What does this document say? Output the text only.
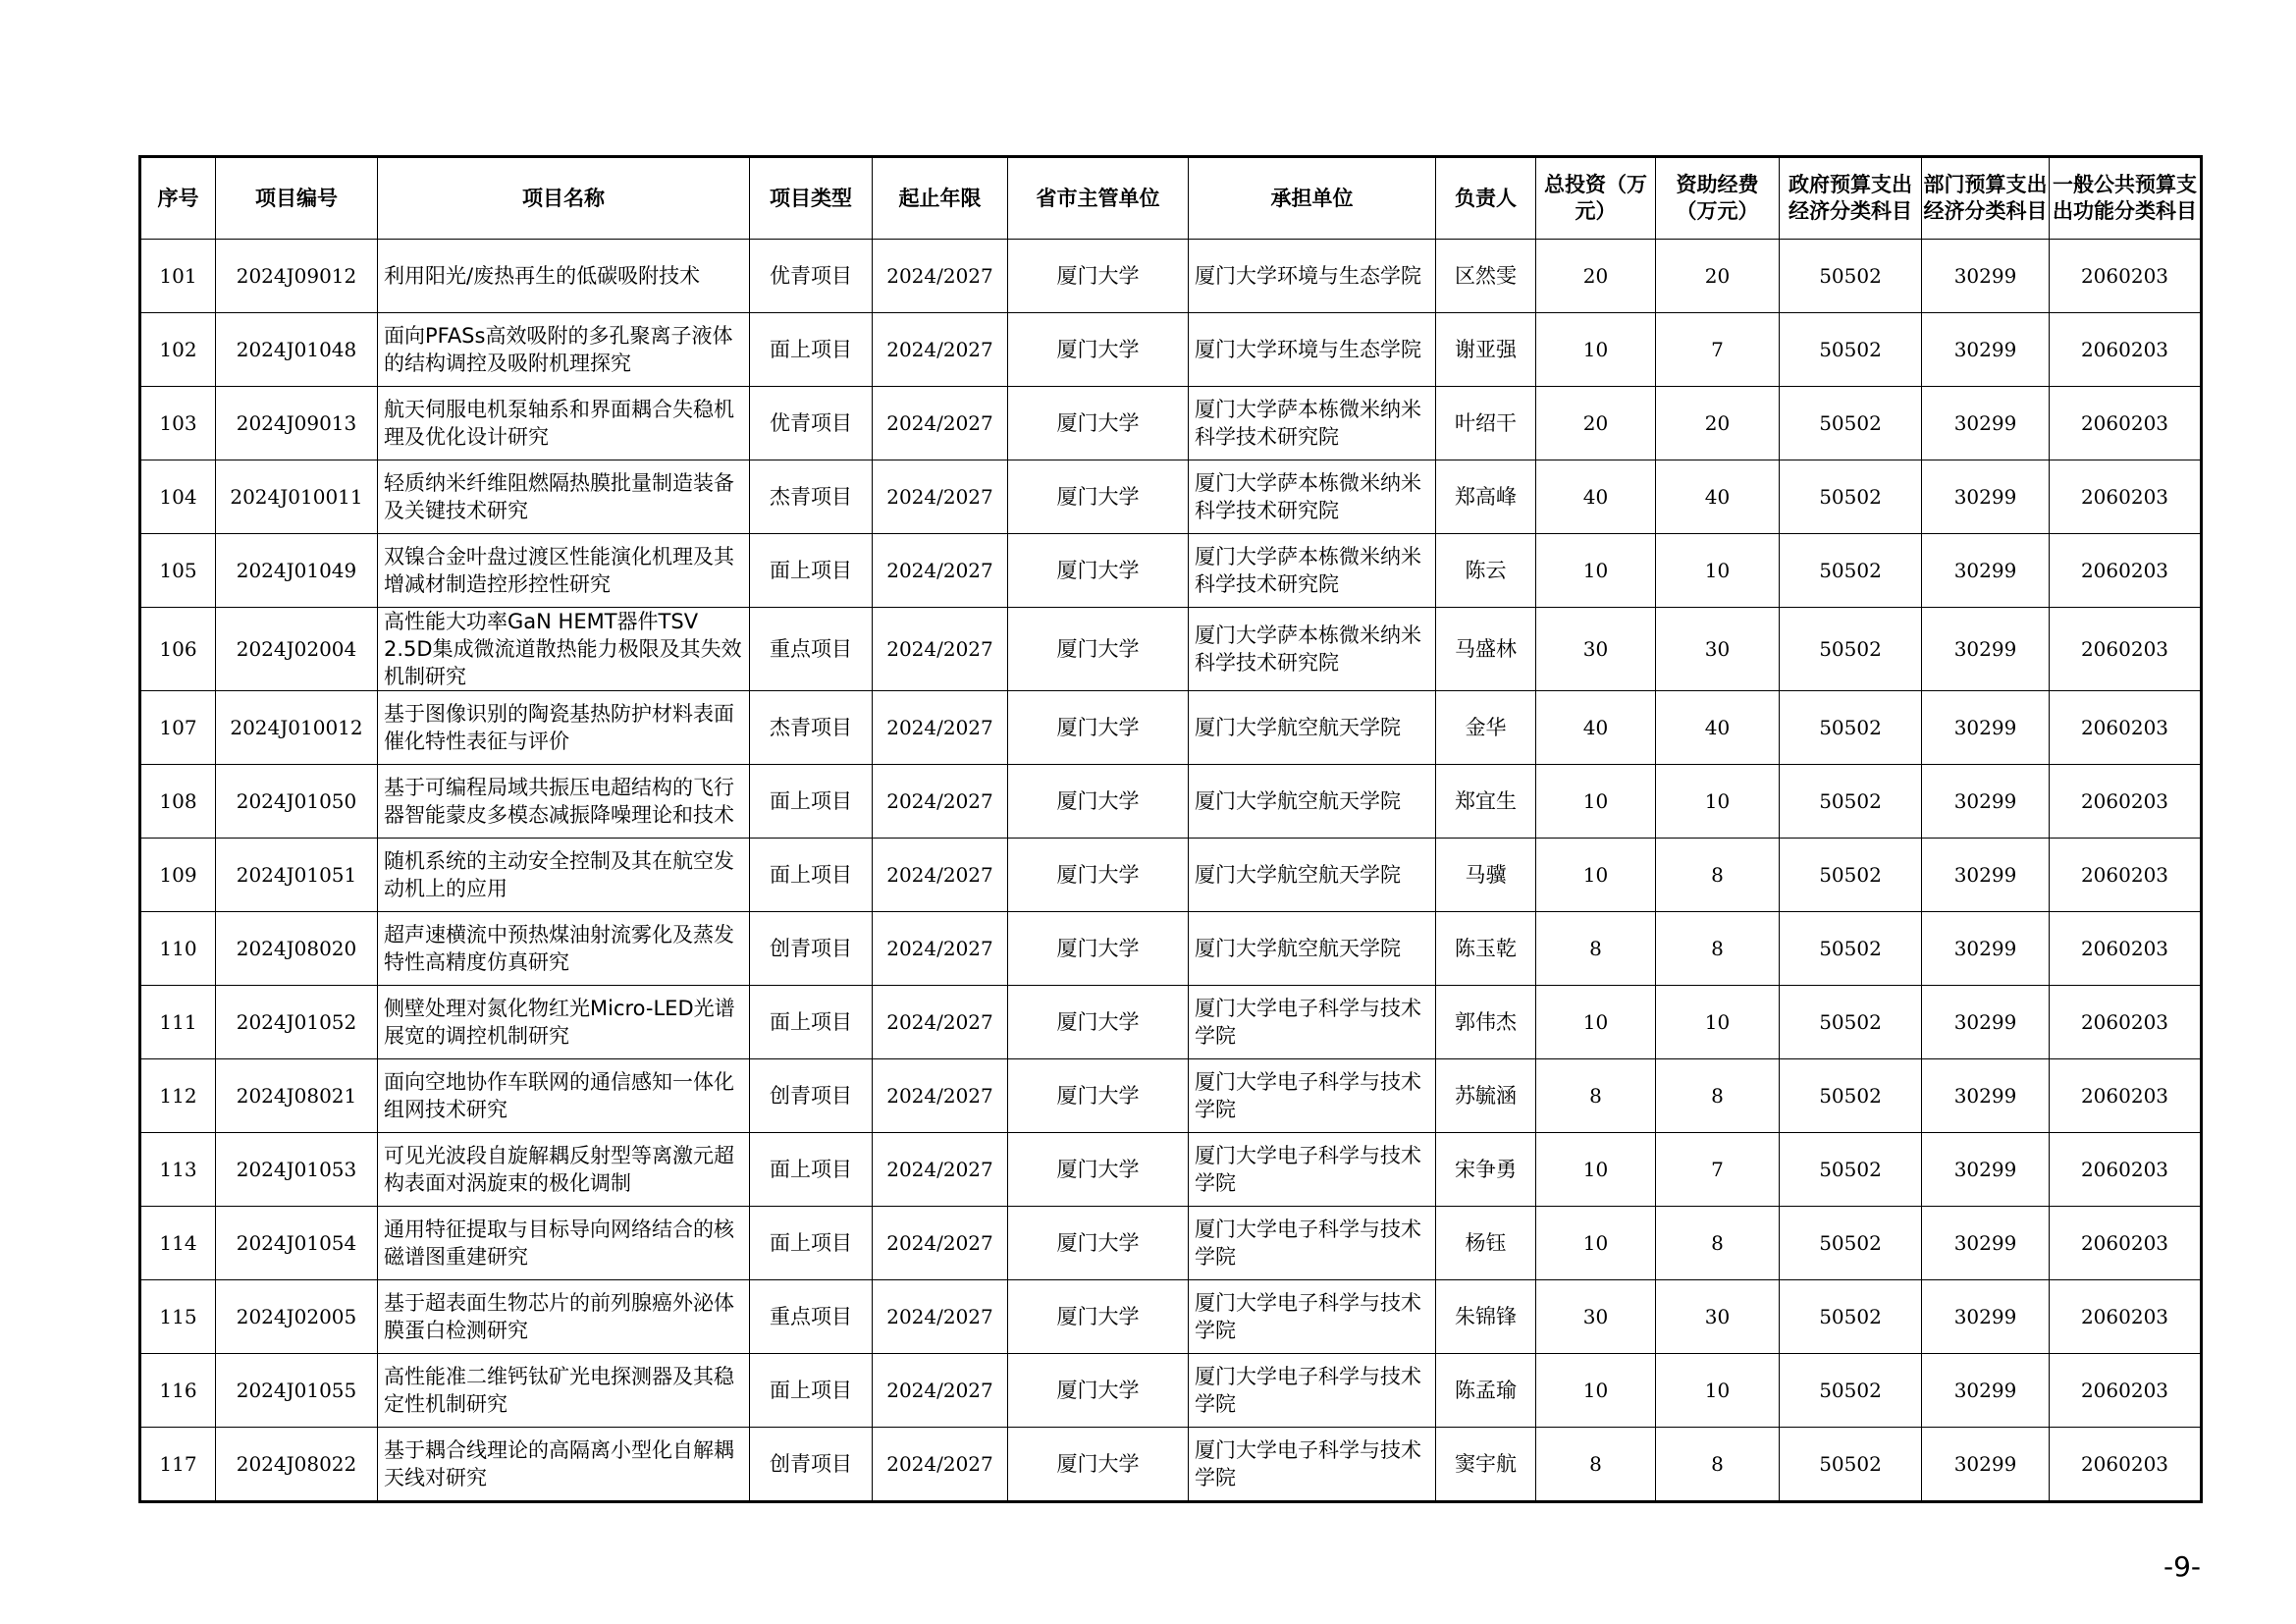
序号	项目编号	项目名称	项目类型	起止年限	省市主管单位	承担单位	负责人	总投资（万元）	资助经费（万元）	政府预算支出经济分类科目	部门预算支出经济分类科目	一般公共预算支出功能分类科目
101	2024J09012	利用阳光/废热再生的低碳吸附技术	优青项目	2024/2027	厦门大学	厦门大学环境与生态学院	区然雯	20	20	50502	30299	2060203
102	2024J01048	面向PFASs高效吸附的多孔聚离子液体的结构调控及吸附机理探究	面上项目	2024/2027	厦门大学	厦门大学环境与生态学院	谢亚强	10	7	50502	30299	2060203
103	2024J09013	航天伺服电机泵轴系和界面耦合失稳机理及优化设计研究	优青项目	2024/2027	厦门大学	厦门大学萨本栋微米纳米科学技术研究院	叶绍干	20	20	50502	30299	2060203
104	2024J010011	轻质纳米纤维阻燃隔热膜批量制造装备及关键技术研究	杰青项目	2024/2027	厦门大学	厦门大学萨本栋微米纳米科学技术研究院	郑高峰	40	40	50502	30299	2060203
105	2024J01049	双镍合金叶盘过渡区性能演化机理及其增减材制造控形控性研究	面上项目	2024/2027	厦门大学	厦门大学萨本栋微米纳米科学技术研究院	陈云	10	10	50502	30299	2060203
106	2024J02004	高性能大功率GaN HEMT器件TSV 2.5D集成微流道散热能力极限及其失效机制研究	重点项目	2024/2027	厦门大学	厦门大学萨本栋微米纳米科学技术研究院	马盛林	30	30	50502	30299	2060203
107	2024J010012	基于图像识别的陶瓷基热防护材料表面催化特性表征与评价	杰青项目	2024/2027	厦门大学	厦门大学航空航天学院	金华	40	40	50502	30299	2060203
108	2024J01050	基于可编程局域共振压电超结构的飞行器智能蒙皮多模态减振降噪理论和技术	面上项目	2024/2027	厦门大学	厦门大学航空航天学院	郑宜生	10	10	50502	30299	2060203
109	2024J01051	随机系统的主动安全控制及其在航空发动机上的应用	面上项目	2024/2027	厦门大学	厦门大学航空航天学院	马骥	10	8	50502	30299	2060203
110	2024J08020	超声速横流中预热煤油射流雾化及蒸发特性高精度仿真研究	创青项目	2024/2027	厦门大学	厦门大学航空航天学院	陈玉乾	8	8	50502	30299	2060203
111	2024J01052	侧壁处理对氮化物红光Micro-LED光谱展宽的调控机制研究	面上项目	2024/2027	厦门大学	厦门大学电子科学与技术学院	郭伟杰	10	10	50502	30299	2060203
112	2024J08021	面向空地协作车联网的通信感知一体化组网技术研究	创青项目	2024/2027	厦门大学	厦门大学电子科学与技术学院	苏毓涵	8	8	50502	30299	2060203
113	2024J01053	可见光波段自旋解耦反射型等离激元超构表面对涡旋束的极化调制	面上项目	2024/2027	厦门大学	厦门大学电子科学与技术学院	宋争勇	10	7	50502	30299	2060203
114	2024J01054	通用特征提取与目标导向网络结合的核磁谱图重建研究	面上项目	2024/2027	厦门大学	厦门大学电子科学与技术学院	杨钰	10	8	50502	30299	2060203
115	2024J02005	基于超表面生物芯片的前列腺癌外泌体膜蛋白检测研究	重点项目	2024/2027	厦门大学	厦门大学电子科学与技术学院	朱锦锋	30	30	50502	30299	2060203
116	2024J01055	高性能准二维钙钛矿光电探测器及其稳定性机制研究	面上项目	2024/2027	厦门大学	厦门大学电子科学与技术学院	陈孟瑜	10	10	50502	30299	2060203
117	2024J08022	基于耦合线理论的高隔离小型化自解耦天线对研究	创青项目	2024/2027	厦门大学	厦门大学电子科学与技术学院	窦宇航	8	8	50502	30299	2060203
-9-
